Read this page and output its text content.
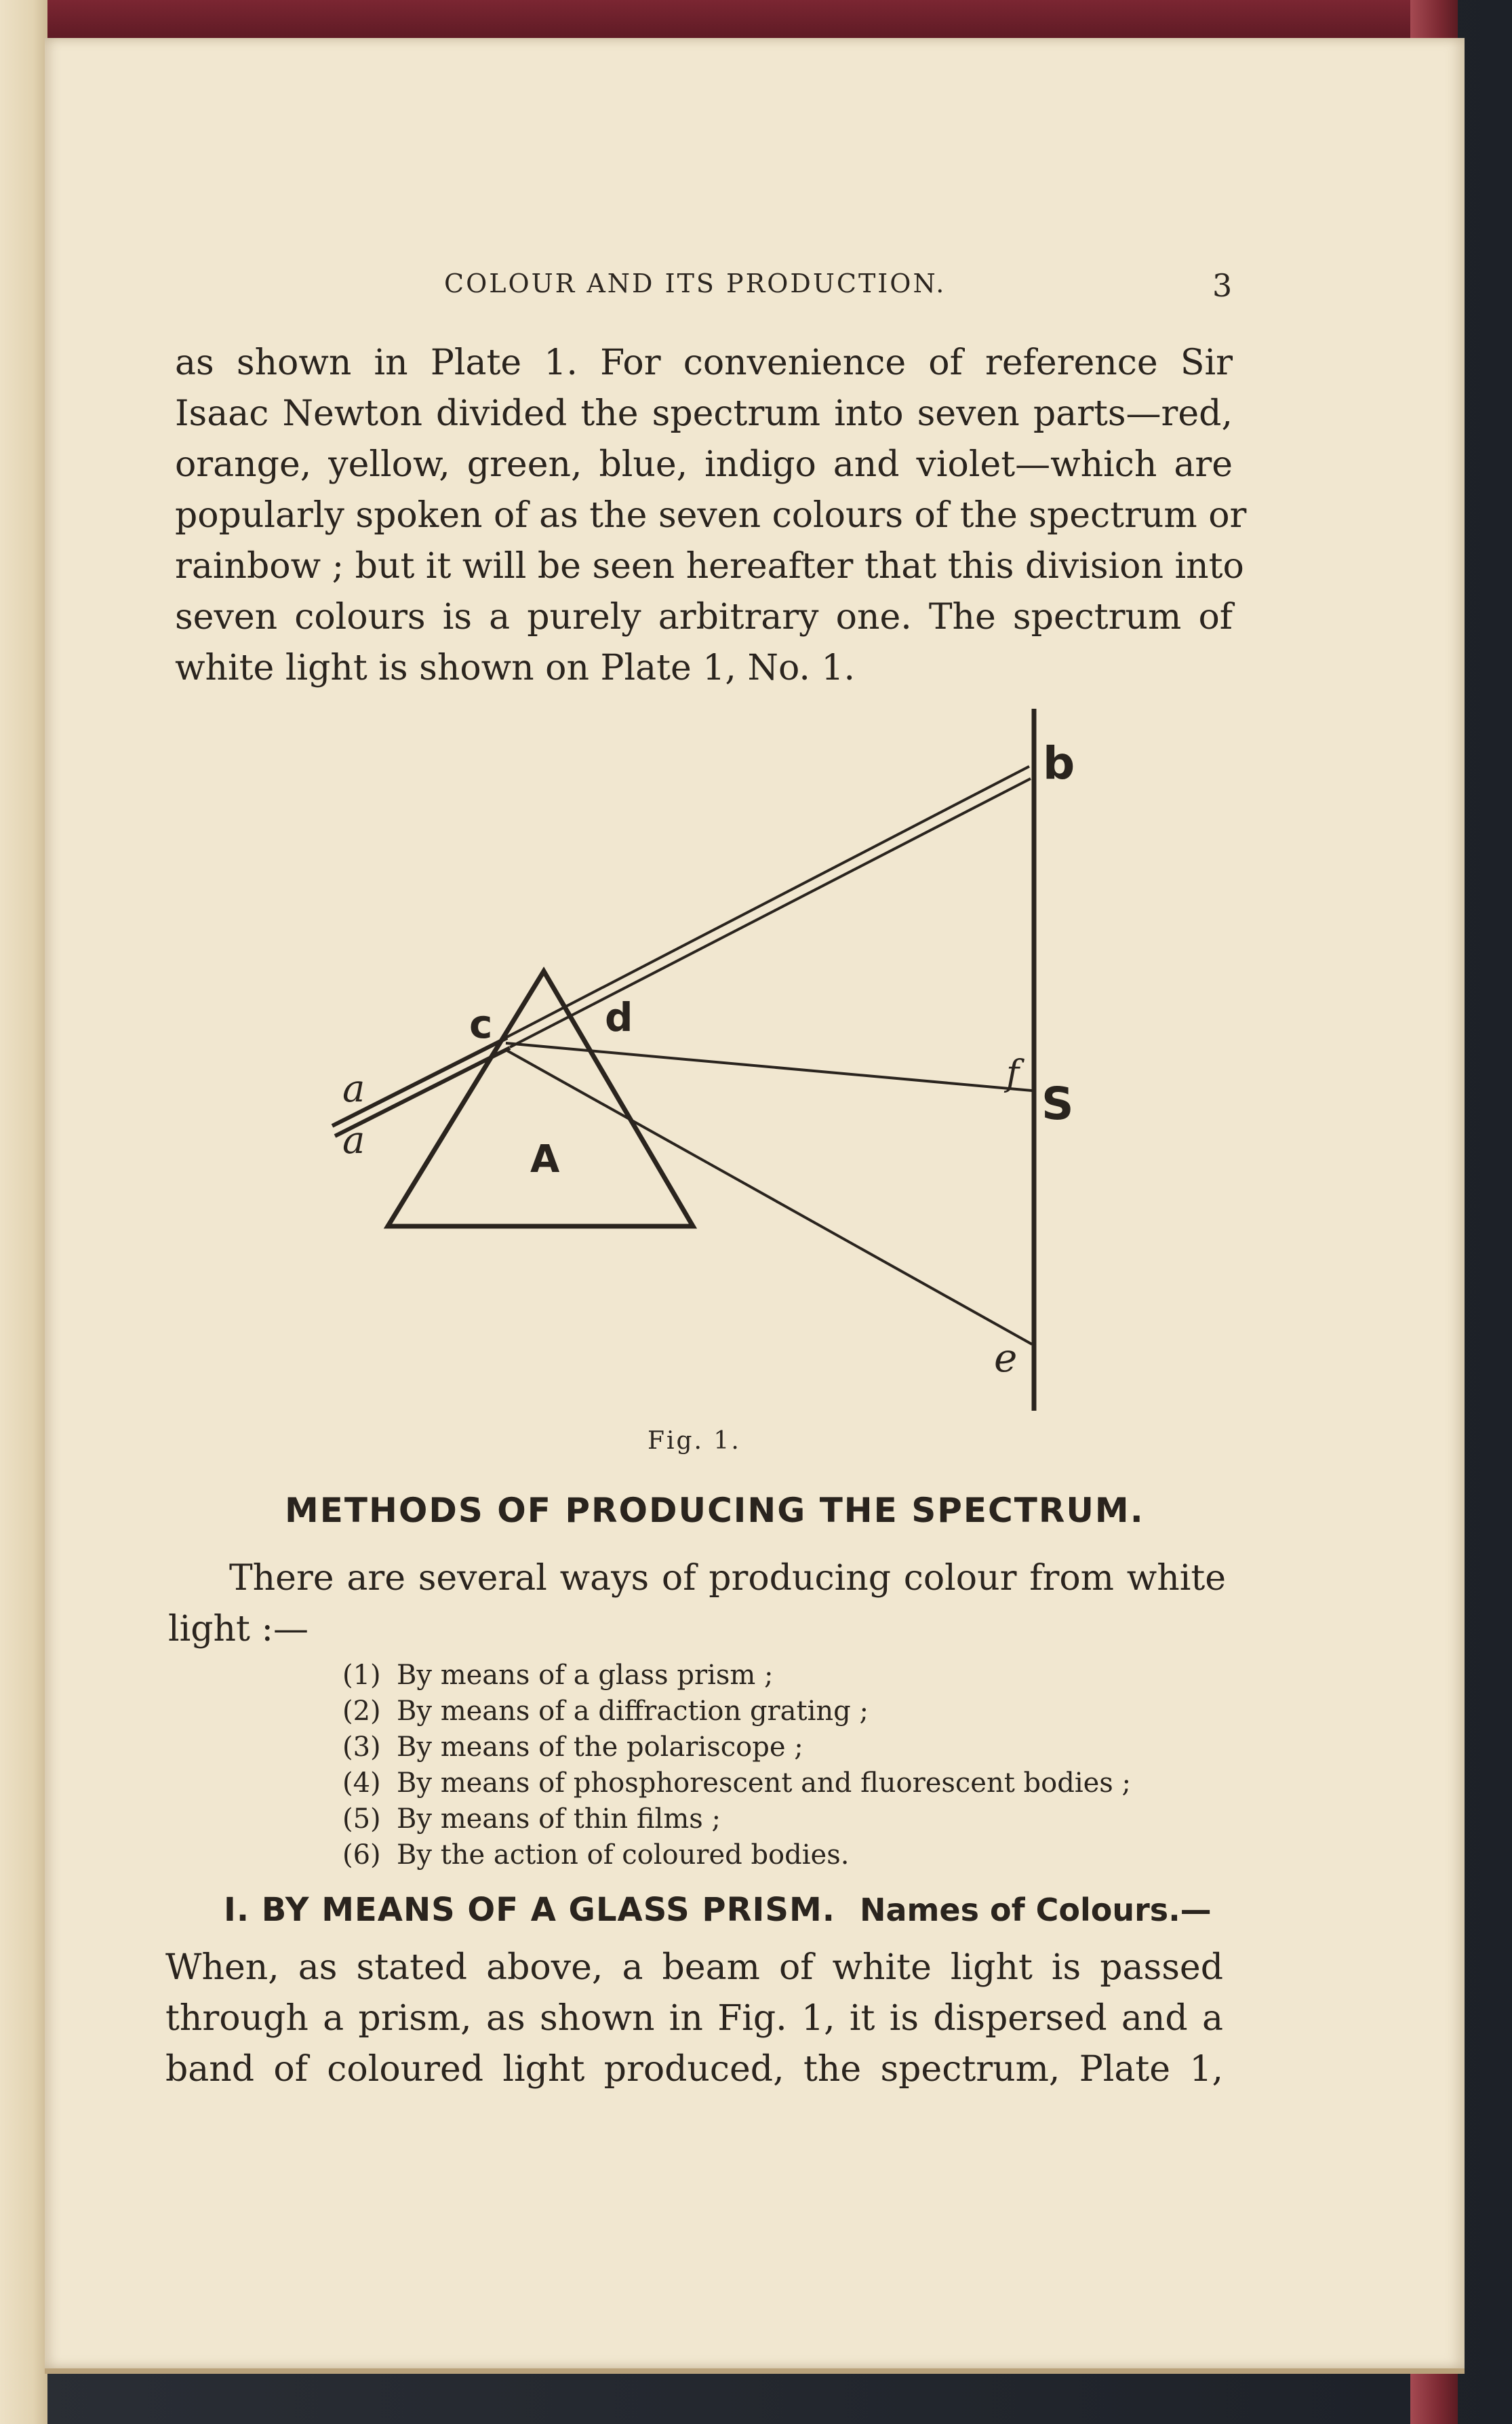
COLOUR AND ITS PRODUCTION.	3
as shown in Plate 1. For convenience of reference Sir
Isaac Newton divided the spectrum into seven parts—red,
orange, yellow, green, blue, indigo and violet—which are
popularly spoken of as the seven colours of the spectrum or
rainbow ; but it will be seen hereafter that this division into
seven colours is a purely arbitrary one. The spectrum of
white light is shown on Plate 1, No. 1.
a
a
c	d
A
b
f
S
e
Fig. 1.
METHODS OF PRODUCING THE SPECTRUM.
There are several ways of producing colour from white
light :—
(1) By means of a glass prism ;
(2) By means of a diffraction grating ;
(3) By means of the polariscope ;
(4) By means of phosphorescent and fluorescent bodies ;
(5) By means of thin films ;
(6) By the action of coloured bodies.
I. BY MEANS OF A GLASS PRISM. Names of Colours.—
When, as stated above, a beam of white light is passed
through a prism, as shown in Fig. 1, it is dispersed and a
band of coloured light produced, the spectrum, Plate 1,
